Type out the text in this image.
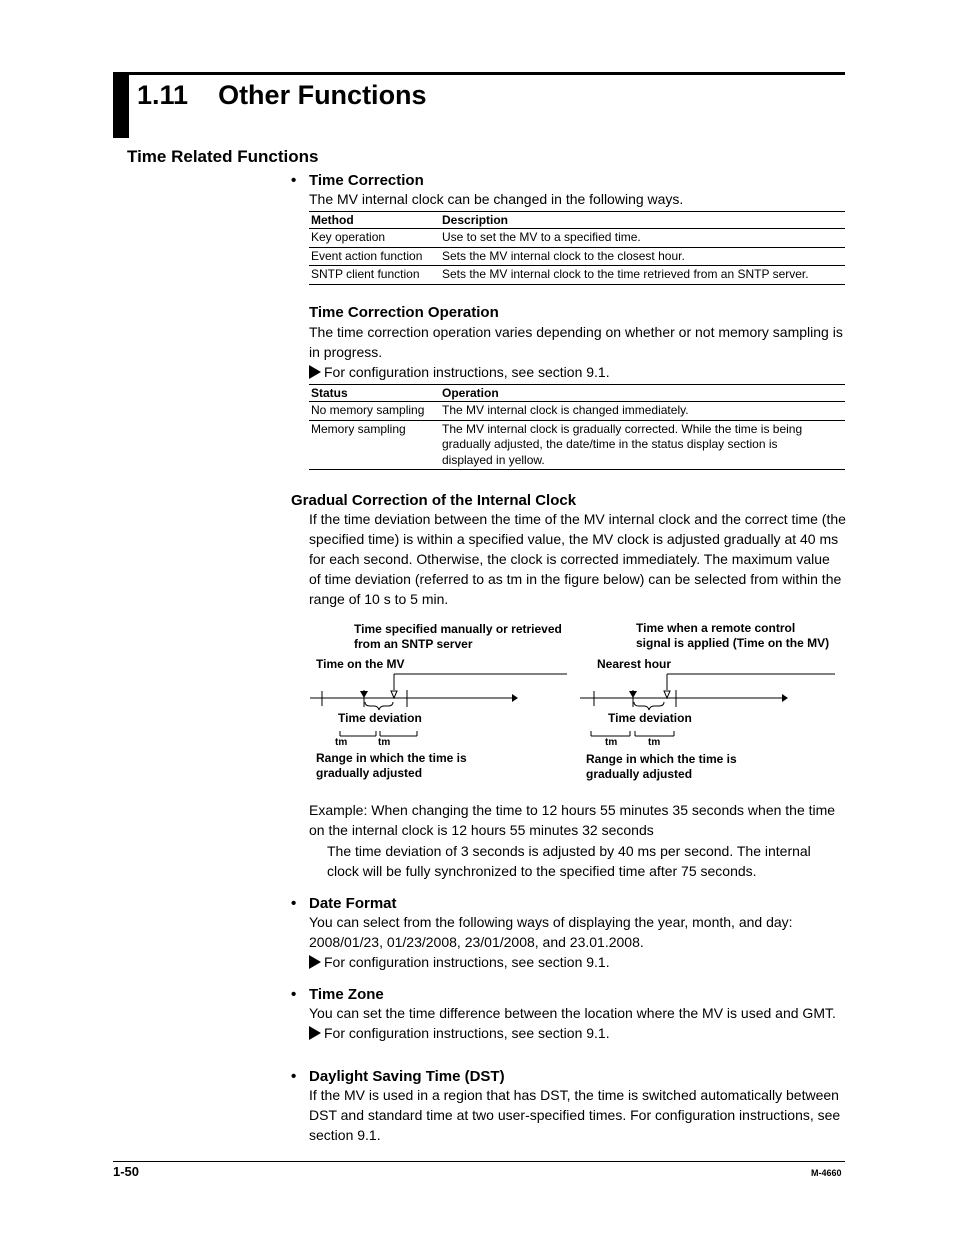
1.11    Other Functions
Time Related Functions
• Time Correction
The MV internal clock can be changed in the following ways.
Method	Description
Key operation	Use to set the MV to a specified time.
Event action function	Sets the MV internal clock to the closest hour.
SNTP client function	Sets the MV internal clock to the time retrieved from an SNTP server.
Time Correction Operation
The time correction operation varies depending on whether or not memory sampling is
in progress.
For configuration instructions, see section 9.1.
Status	Operation
No memory sampling	The MV internal clock is changed immediately.
Memory sampling	The MV internal clock is gradually corrected. While the time is being
gradually adjusted, the date/time in the status display section is
displayed in yellow.
Gradual Correction of the Internal Clock
If the time deviation between the time of the MV internal clock and the correct time (the
specified time) is within a specified value, the MV clock is adjusted gradually at 40 ms
for each second. Otherwise, the clock is corrected immediately. The maximum value
of time deviation (referred to as tm in the figure below) can be selected from within the
range of 10 s to 5 min.
Time specified manually or retrieved
from an SNTP server
Time on the MV
Time deviation
tm	tm
Range in which the time is
gradually adjusted
Time when a remote control
signal is applied (Time on the MV)
Nearest hour
Time deviation
tm	tm
Range in which the time is
gradually adjusted
Example: When changing the time to 12 hours 55 minutes 35 seconds when the time
on the internal clock is 12 hours 55 minutes 32 seconds
The time deviation of 3 seconds is adjusted by 40 ms per second. The internal
clock will be fully synchronized to the specified time after 75 seconds.
• Date Format
You can select from the following ways of displaying the year, month, and day:
2008/01/23, 01/23/2008, 23/01/2008, and 23.01.2008.
For configuration instructions, see section 9.1.
• Time Zone
You can set the time difference between the location where the MV is used and GMT.
For configuration instructions, see section 9.1.
• Daylight Saving Time (DST)
If the MV is used in a region that has DST, the time is switched automatically between
DST and standard time at two user-specified times. For configuration instructions, see
section 9.1.
1-50	M-4660
